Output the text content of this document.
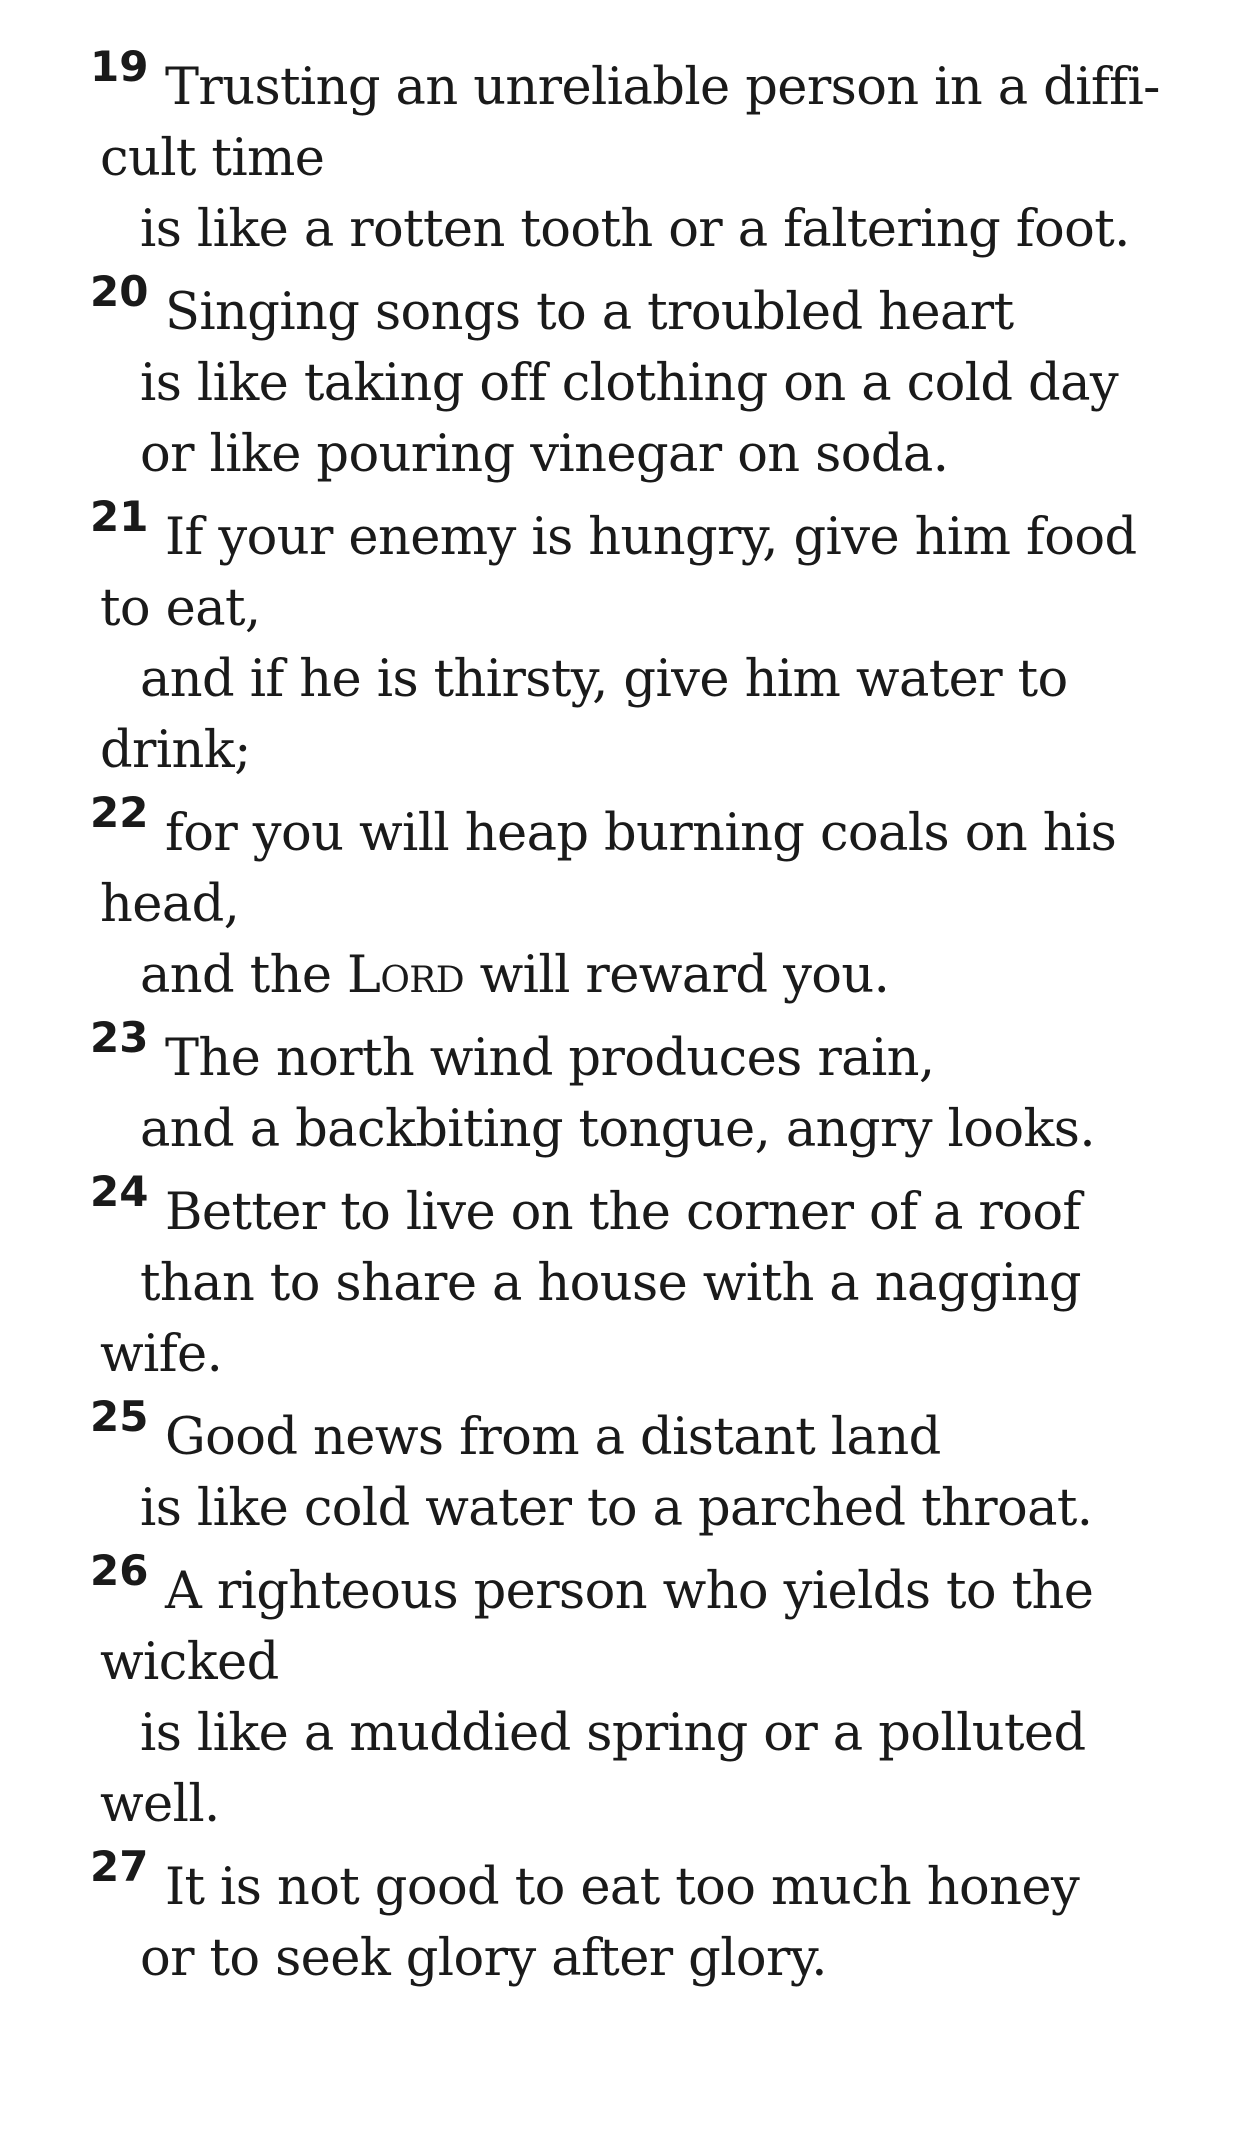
19 Trusting an unreliable person in a diffi-
cult time
is like a rotten tooth or a faltering foot.
20 Singing songs to a troubled heart
is like taking off clothing on a cold day
or like pouring vinegar on soda.
21 If your enemy is hungry, give him food
to eat,
and if he is thirsty, give him water to
drink;
22 for you will heap burning coals on his
head,
and the Lord will reward you.
23 The north wind produces rain,
and a backbiting tongue, angry looks.
24 Better to live on the corner of a roof
than to share a house with a nagging
wife.
25 Good news from a distant land
is like cold water to a parched throat.
26 A righteous person who yields to the
wicked
is like a muddied spring or a polluted
well.
27 It is not good to eat too much honey
or to seek glory after glory.
